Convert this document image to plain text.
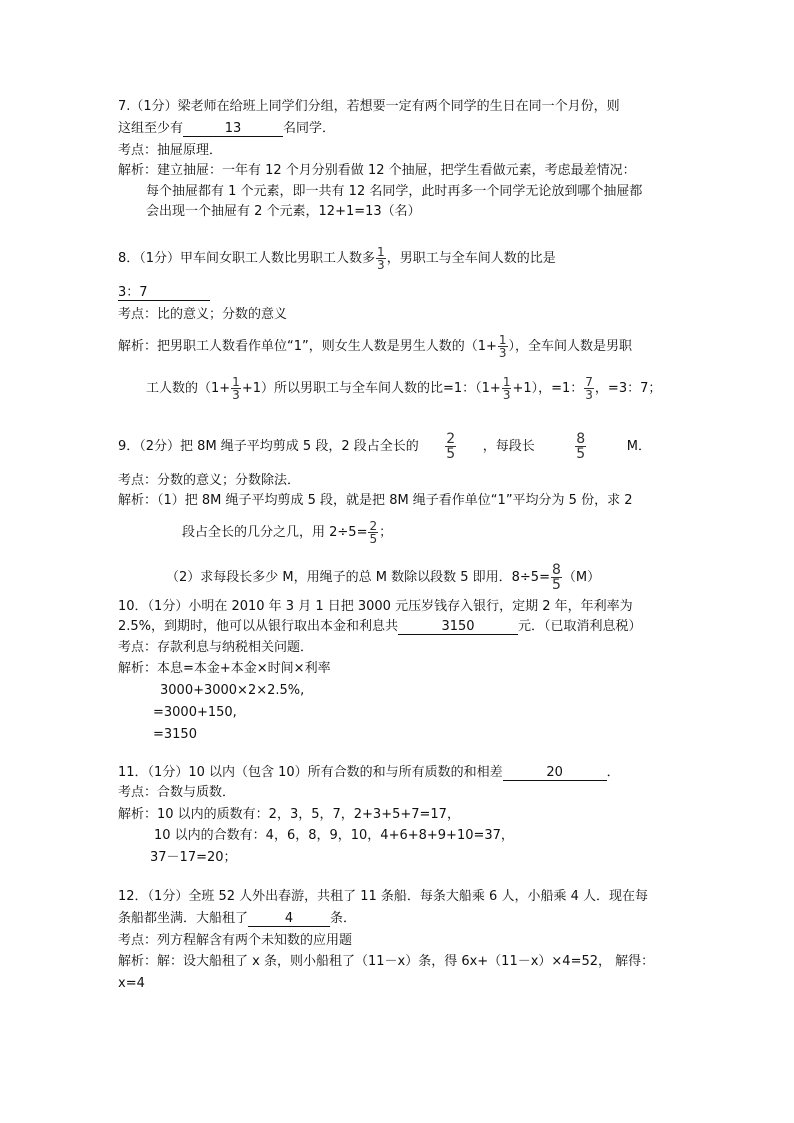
7.（1分）梁老师在给班上同学们分组，若想要一定有两个同学的生日在同一个月份，则
这组至少有	13	名同学．
考点：抽屉原理．
解析：建立抽屉：一年有 12 个月分别看做 12 个抽屉，把学生看做元素，考虑最差情况：
每个抽屉都有 1 个元素，即一共有 12 名同学，此时再多一个同学无论放到哪个抽屉都
会出现一个抽屉有 2 个元素，12+1=13（名）
8．（1分）甲车间女职工人数比男职工人数多 $\frac{1}{3}$ ，男职工与全车间人数的比是
3：7
考点：比的意义；分数的意义
解析：把男职工人数看作单位“1”，则女生人数是男生人数的（$1+ \frac{1}{3}$ ），全车间人数是男职
工人数的$(1+ \frac{1}{3} +1)$所以男职工与全车间人数的比=1：$(1+ \frac{1}{3} +1)$，=1： $\frac{7}{3}$ ，=3：7；
9．（2分）把 8M 绳子平均剪成 5 段，2 段占全长的 $\frac{2}{5}$ ，每段长	$\frac{8}{5}$	M．
考点：分数的意义；分数除法．
解析：（1）把 8M 绳子平均剪成 5 段，就是把 8M 绳子看作单位“1”平均分为 5 份，求 2
段占全长的几分之几，用 $2\div 5= \frac{2}{5}$ ；
（2）求每段长多少 M，用绳子的总 M 数除以段数 5 即用．$8\div 5= \frac{8}{5} (M)$
10．（1分）小明在 2010 年 3 月 1 日把 3000 元压岁钱存入银行，定期 2 年，年利率为
2.5%，到期时，他可以从银行取出本金和利息共	3150	元．（已取消利息税）
考点：存款利息与纳税相关问题．
解析：本息=本金+本金×时间×利率
3000+3000×2×2.5%,
=3000+150,
=3150
11．（1分）10 以内（包含 10）所有合数的和与所有质数的和相差	20	．
考点：合数与质数．
解析：10 以内的质数有：2，3，5，7，2+3+5+7=17，
10 以内的合数有：4，6，8，9，10，4+6+8+9+10=37，
37－17=20；
12．（1分）全班 52 人外出春游，共租了 11 条船．每条大船乘 6 人，小船乘 4 人．现在每
条船都坐满．大船租了	4	条．
考点：列方程解含有两个未知数的应用题
解析：解：设大船租了 x 条，则小船租了（11－x）条，得 6x+（11－x）×4=52， 解得：
x=4
